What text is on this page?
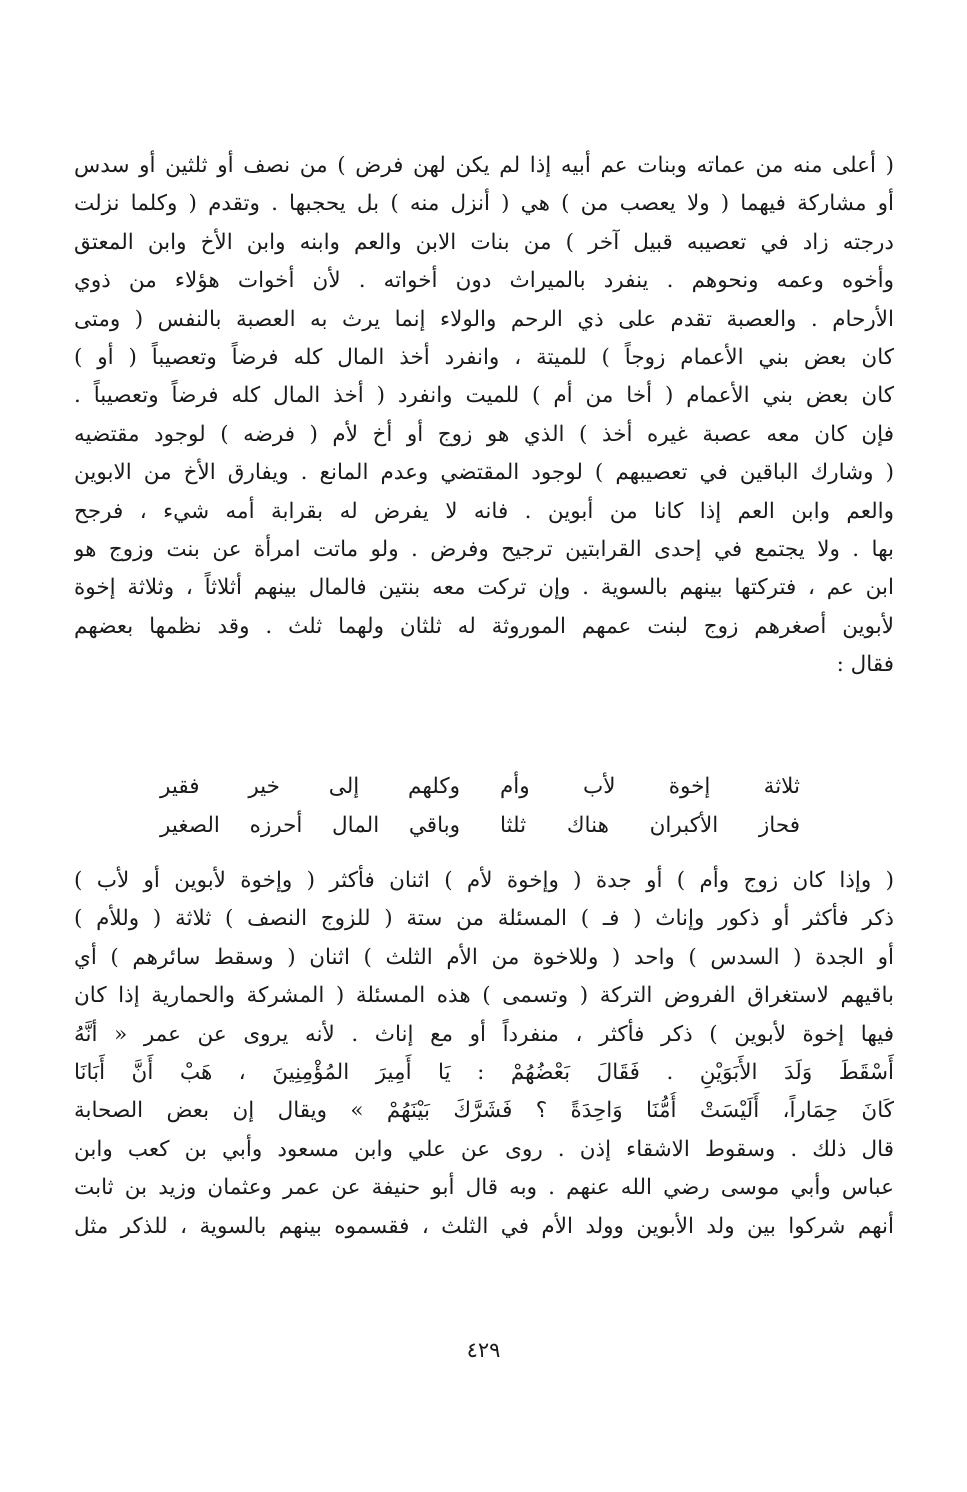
( أعلى منه من عماته وبنات عم أبيه إذا لم يكن لهن فرض ) من نصف أو ثلثين أو سدس
أو مشاركة فيهما ( ولا يعصب من ) هي ( أنزل منه ) بل يحجبها . وتقدم ( وكلما نزلت
درجته زاد في تعصيبه قبيل آخر ) من بنات الابن والعم وابنه وابن الأخ وابن المعتق
وأخوه وعمه ونحوهم . ينفرد بالميراث دون أخواته . لأن أخوات هؤلاء من ذوي
الأرحام . والعصبة تقدم على ذي الرحم والولاء إنما يرث به العصبة بالنفس ( ومتى
كان بعض بني الأعمام زوجاً ) للميتة ، وانفرد أخذ المال كله فرضاً وتعصيباً ( أو )
كان بعض بني الأعمام ( أخا من أم ) للميت وانفرد ( أخذ المال كله فرضاً وتعصيباً .
فإن كان معه عصبة غيره أخذ ) الذي هو زوج أو أخ لأم ( فرضه ) لوجود مقتضيه
( وشارك الباقين في تعصيبهم ) لوجود المقتضي وعدم المانع . ويفارق الأخ من الابوين
والعم وابن العم إذا كانا من أبوين . فانه لا يفرض له بقرابة أمه شيء ، فرجح
بها . ولا يجتمع في إحدى القرابتين ترجيح وفرض . ولو ماتت امرأة عن بنت وزوج هو
ابن عم ، فتركتها بينهم بالسوية . وإن تركت معه بنتين فالمال بينهم أثلاثاً ، وثلاثة إخوة
لأبوين أصغرهم زوج لبنت عمهم الموروثة له ثلثان ولهما ثلث . وقد نظمها بعضهم
فقال :
ثلاثة إخوة لأب وأم
وكلهم إلى خير فقير
فحاز الأكبران هناك ثلثا
وباقي المال أحرزه الصغير
( وإذا كان زوج وأم ) أو جدة ( وإخوة لأم ) اثنان فأكثر ( وإخوة لأبوين أو لأب )
ذكر فأكثر أو ذكور وإناث ( فـ ) المسئلة من ستة ( للزوج النصف ) ثلاثة ( وللأم )
أو الجدة ( السدس ) واحد ( وللاخوة من الأم الثلث ) اثنان ( وسقط سائرهم ) أي
باقيهم لاستغراق الفروض التركة ( وتسمى ) هذه المسئلة ( المشركة والحمارية إذا كان
فيها إخوة لأبوين ) ذكر فأكثر ، منفرداً أو مع إناث . لأنه يروى عن عمر « أنَّهُ
أَسْقَطَ وَلَدَ الأَبَوَيْنِ . فَقَالَ بَعْضُهُمْ : يَا أَمِيرَ المُؤْمِنِينَ ، هَبْ أَنَّ أَبَانَا
كَانَ حِمَاراً، أَلَيْسَتْ أُمُّنَا وَاحِدَةً ؟ فَشَرَّكَ بَيْنَهُمْ » ويقال إن بعض الصحابة
قال ذلك . وسقوط الاشقاء إذن . روى عن علي وابن مسعود وأبي بن كعب وابن
عباس وأبي موسى رضي الله عنهم . وبه قال أبو حنيفة عن عمر وعثمان وزيد بن ثابت
أنهم شركوا بين ولد الأبوين وولد الأم في الثلث ، فقسموه بينهم بالسوية ، للذكر مثل
٤٢٩
